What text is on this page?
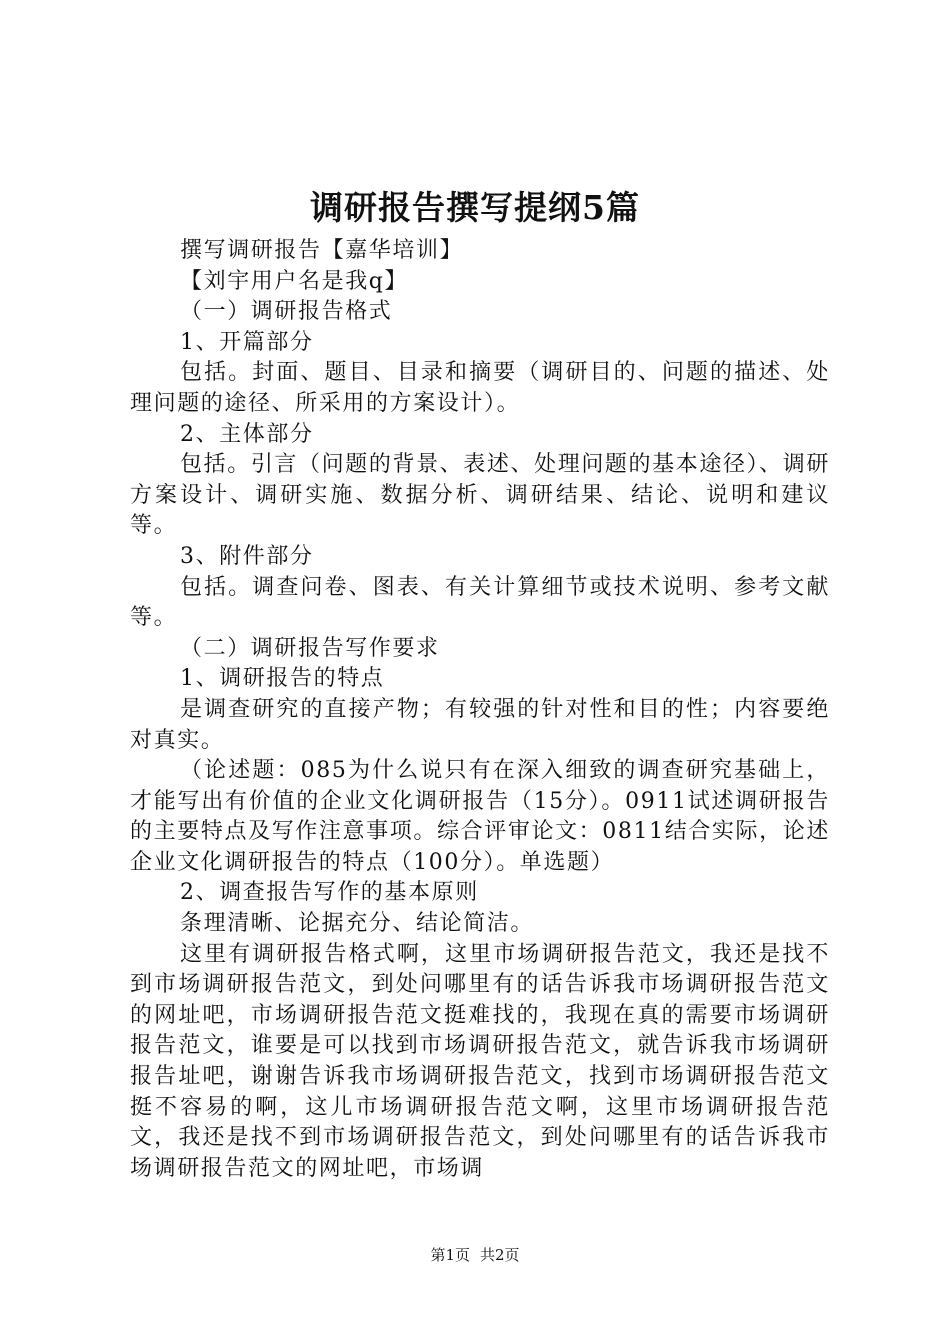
调研报告撰写提纲5篇

撰写调研报告【嘉华培训】

【刘宇用户名是我q】

（一）调研报告格式

1、开篇部分

包括。封面、题目、目录和摘要（调研目的、问题的描述、处理问题的途径、所采用的方案设计）。

2、主体部分

包括。引言（问题的背景、表述、处理问题的基本途径）、调研方案设计、调研实施、数据分析、调研结果、结论、说明和建议等。

3、附件部分

包括。调查问卷、图表、有关计算细节或技术说明、参考文献等。

（二）调研报告写作要求

1、调研报告的特点

是调查研究的直接产物；有较强的针对性和目的性；内容要绝对真实。

（论述题：085为什么说只有在深入细致的调查研究基础上，才能写出有价值的企业文化调研报告（15分）。0911试述调研报告的主要特点及写作注意事项。综合评审论文：0811结合实际，论述企业文化调研报告的特点（100分）。单选题）

2、调查报告写作的基本原则

条理清晰、论据充分、结论简洁。

这里有调研报告格式啊，这里市场调研报告范文，我还是找不到市场调研报告范文，到处问哪里有的话告诉我市场调研报告范文的网址吧，市场调研报告范文挺难找的，我现在真的需要市场调研报告范文，谁要是可以找到市场调研报告范文，就告诉我市场调研报告址吧，谢谢告诉我市场调研报告范文，找到市场调研报告范文挺不容易的啊，这儿市场调研报告范文啊，这里市场调研报告范文，我还是找不到市场调研报告范文，到处问哪里有的话告诉我市场调研报告范文的网址吧，市场调

第1页 共2页
